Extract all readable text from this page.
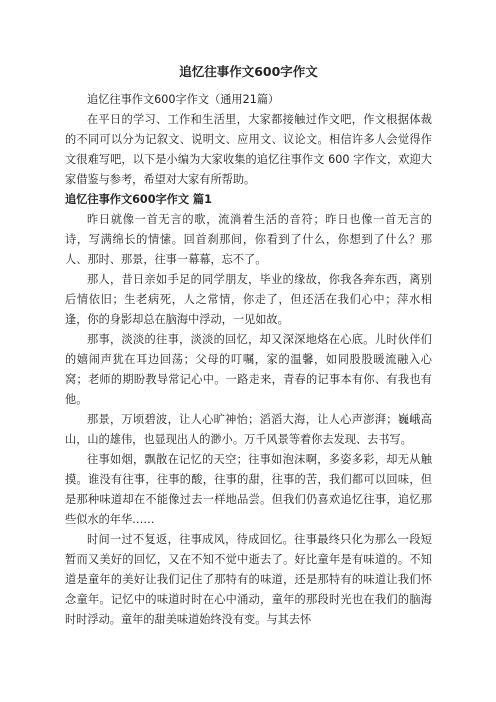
追忆往事作文600字作文

追忆往事作文600字作文（通用21篇）

在平日的学习、工作和生活里，大家都接触过作文吧，作文根据体裁的不同可以分为记叙文、说明文、应用文、议论文。相信许多人会觉得作文很难写吧，以下是小编为大家收集的追忆往事作文 600 字作文，欢迎大家借鉴与参考，希望对大家有所帮助。

追忆往事作文600字作文 篇1

昨日就像一首无言的歌，流淌着生活的音符；昨日也像一首无言的诗，写满绵长的情愫。回首刹那间，你看到了什么，你想到了什么？那人、那时、那景，往事一幕幕，忘不了。

那人，昔日亲如手足的同学朋友，毕业的缘故，你我各奔东西，离别后情依旧；生老病死，人之常情，你走了，但还活在我们心中；萍水相逢，你的身影却总在脑海中浮动，一见如故。

那事，淡淡的往事，淡淡的回忆，却又深深地烙在心底。儿时伙伴们的嬉闹声犹在耳边回荡；父母的叮嘱，家的温馨，如同股股暖流融入心窝；老师的期盼教导常记心中。一路走来，青春的记事本有你、有我也有他。

那景，万顷碧波，让人心旷神怡；滔滔大海，让人心声澎湃；巍峨高山，山的雄伟，也显现出人的渺小。万千风景等着你去发现、去书写。

往事如烟，飘散在记忆的天空；往事如泡沫啊，多姿多彩，却无从触摸。谁没有往事，往事的酸，往事的甜，往事的苦，我们都可以回味，但是那种味道却在不能像过去一样地品尝。但我们仍喜欢追忆往事，追忆那些似水的年华……

时间一过不复返，往事成风，待成回忆。往事最终只化为那么一段短暂而又美好的回忆，又在不知不觉中逝去了。好比童年是有味道的。不知道是童年的美好让我们记住了那特有的味道，还是那特有的味道让我们怀念童年。记忆中的味道时时在心中涌动，童年的那段时光也在我们的脑海时时浮动。童年的甜美味道始终没有变。与其去怀
